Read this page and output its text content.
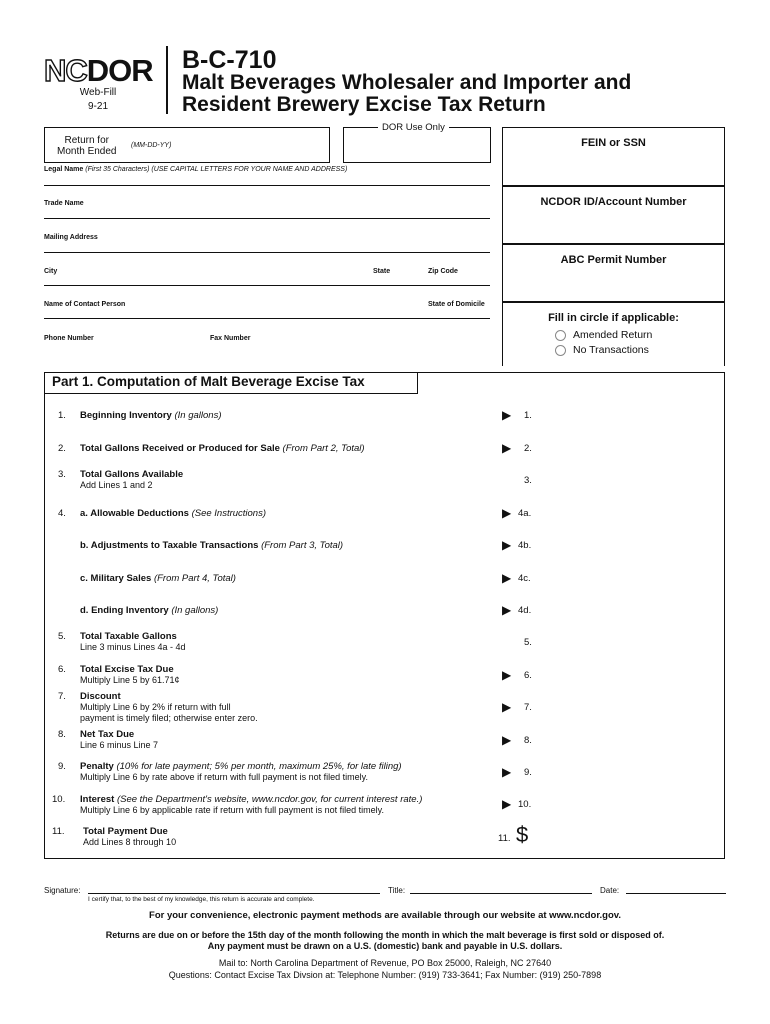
NCDOR
Web-Fill
9-21
B-C-710
Malt Beverages Wholesaler and Importer and
Resident Brewery Excise Tax Return
Return for
Month Ended
(MM-DD-YY)
DOR Use Only
Legal Name (First 35 Characters) (USE CAPITAL LETTERS FOR YOUR NAME AND ADDRESS)
Trade Name
Mailing Address
City	State	Zip Code
Name of Contact Person	State of Domicile
Phone Number	Fax Number
FEIN or SSN
NCDOR ID/Account Number
ABC Permit Number
Fill in circle if applicable:
Amended Return
No Transactions
Part 1. Computation of Malt Beverage Excise Tax
1. Beginning Inventory (In gallons)	▶ 1.
2. Total Gallons Received or Produced for Sale (From Part 2, Total)	▶ 2.
3. Total Gallons Available
Add Lines 1 and 2	3.
4. a. Allowable Deductions (See Instructions)	▶ 4a.
b. Adjustments to Taxable Transactions (From Part 3, Total)	▶ 4b.
c. Military Sales (From Part 4, Total)	▶ 4c.
d. Ending Inventory (In gallons)	▶ 4d.
5. Total Taxable Gallons
Line 3 minus Lines 4a - 4d	5.
6. Total Excise Tax Due
Multiply Line 5 by 61.71¢	▶ 6.
7. Discount
Multiply Line 6 by 2% if return with full
payment is timely filed; otherwise enter zero.
▶ 7.
8. Net Tax Due
Line 6 minus Line 7	▶ 8.
9. Penalty (10% for late payment; 5% per month, maximum 25%, for late filing)
Multiply Line 6 by rate above if return with full payment is not filed timely.	▶ 9.
10. Interest (See the Department's website, www.ncdor.gov, for current interest rate.)
Multiply Line 6 by applicable rate if return with full payment is not filed timely.	▶ 10.
11. Total Payment Due
Add Lines 8 through 10	11. $
Signature:
I certify that, to the best of my knowledge, this return is accurate and complete.
Title:	Date:
For your convenience, electronic payment methods are available through our website at www.ncdor.gov.
Returns are due on or before the 15th day of the month following the month in which the malt beverage is first sold or disposed of.
Any payment must be drawn on a U.S. (domestic) bank and payable in U.S. dollars.
Mail to: North Carolina Department of Revenue, PO Box 25000, Raleigh, NC 27640
Questions: Contact Excise Tax Divsion at: Telephone Number: (919) 733-3641; Fax Number: (919) 250-7898
